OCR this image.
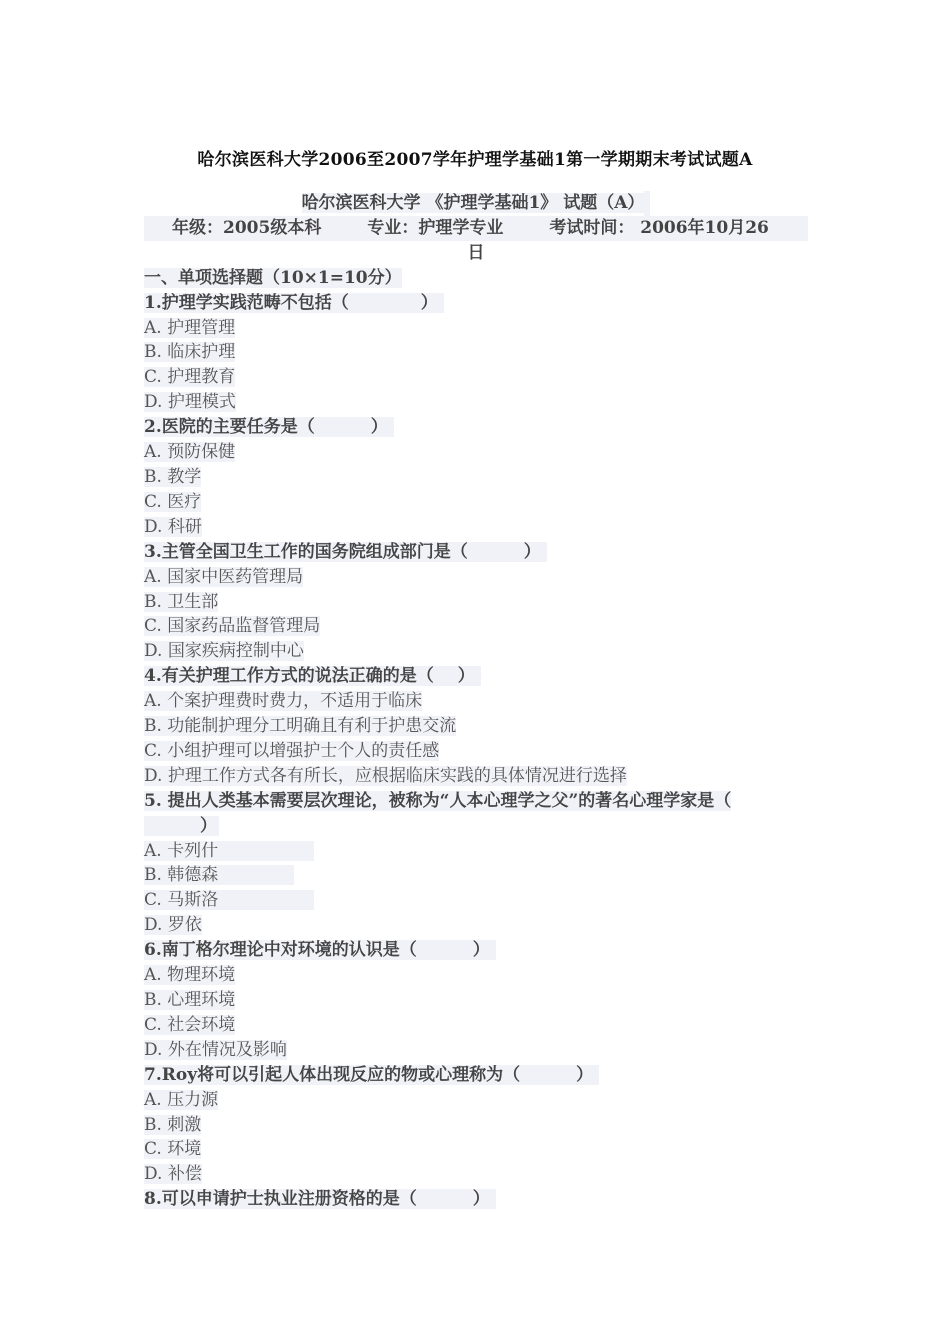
哈尔滨医科大学2006至2007学年护理学基础1第一学期期末考试试题A
哈尔滨医科大学 《护理学基础1》 试题（A）
年级：2005级本科	专业：护理学专业	考试时间： 2006年10月26
日
一、单项选择题（10×1=10分）
1.护理学实践范畴不包括（	）
A. 护理管理
B. 临床护理
C. 护理教育
D. 护理模式
2.医院的主要任务是（	）
A. 预防保健
B. 教学
C. 医疗
D. 科研
3.主管全国卫生工作的国务院组成部门是（	）
A. 国家中医药管理局
B. 卫生部
C. 国家药品监督管理局
D. 国家疾病控制中心
4.有关护理工作方式的说法正确的是（ ）
A. 个案护理费时费力，不适用于临床
B. 功能制护理分工明确且有利于护患交流
C. 小组护理可以增强护士个人的责任感
D. 护理工作方式各有所长，应根据临床实践的具体情况进行选择
5. 提出人类基本需要层次理论，被称为“人本心理学之父”的著名心理学家是（
）
A. 卡列什
B. 韩德森
C. 马斯洛
D. 罗依
6.南丁格尔理论中对环境的认识是（	）
A. 物理环境
B. 心理环境
C. 社会环境
D. 外在情况及影响
7.Roy将可以引起人体出现反应的物或心理称为（	）
A. 压力源
B. 刺激
C. 环境
D. 补偿
8.可以申请护士执业注册资格的是（	）
